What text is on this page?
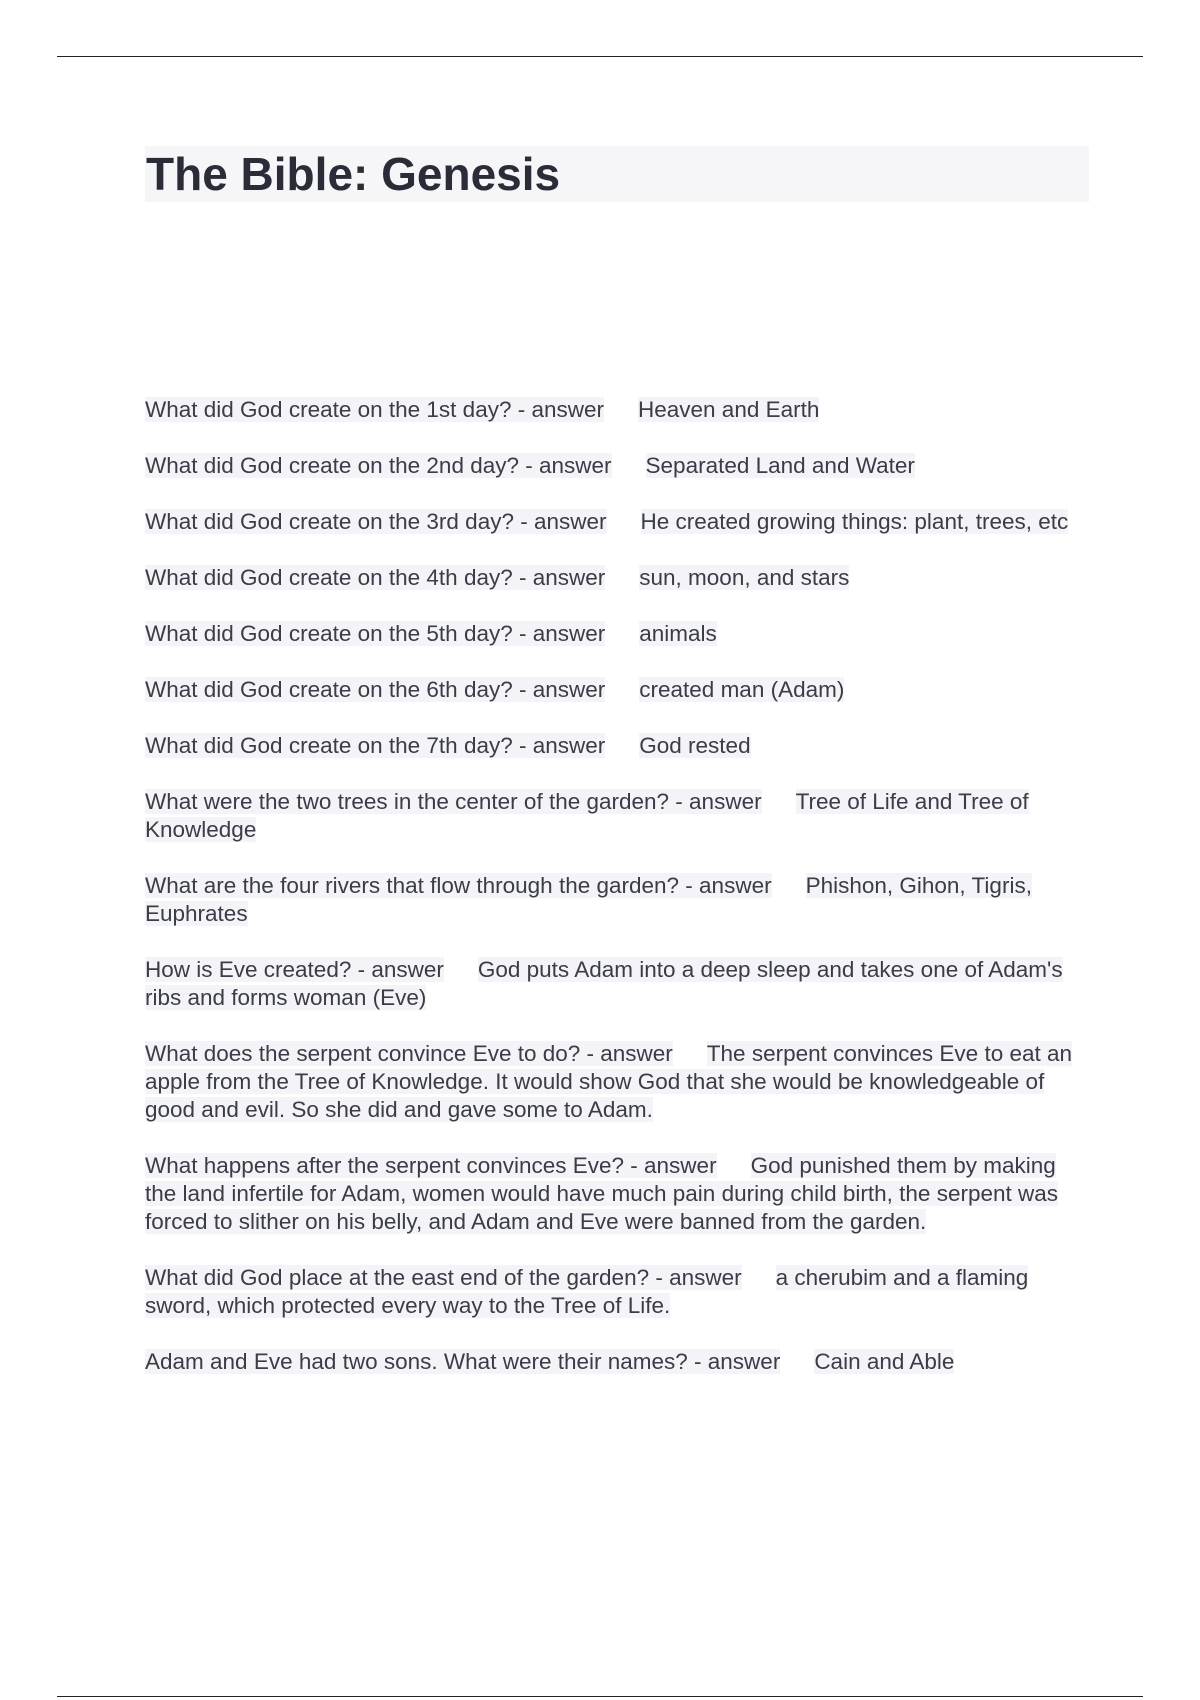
The Bible: Genesis
What did God create on the 1st day? - answer Heaven and Earth
What did God create on the 2nd day? - answer Separated Land and Water
What did God create on the 3rd day? - answer He created growing things: plant, trees, etc
What did God create on the 4th day? - answer sun, moon, and stars
What did God create on the 5th day? - answer animals
What did God create on the 6th day? - answer created man (Adam)
What did God create on the 7th day? - answer God rested
What were the two trees in the center of the garden? - answer Tree of Life and Tree of Knowledge
What are the four rivers that flow through the garden? - answer Phishon, Gihon, Tigris, Euphrates
How is Eve created? - answer God puts Adam into a deep sleep and takes one of Adam's ribs and forms woman (Eve)
What does the serpent convince Eve to do? - answer The serpent convinces Eve to eat an apple from the Tree of Knowledge. It would show God that she would be knowledgeable of good and evil. So she did and gave some to Adam.
What happens after the serpent convinces Eve? - answer God punished them by making the land infertile for Adam, women would have much pain during child birth, the serpent was forced to slither on his belly, and Adam and Eve were banned from the garden.
What did God place at the east end of the garden? - answer a cherubim and a flaming sword, which protected every way to the Tree of Life.
Adam and Eve had two sons. What were their names? - answer Cain and Able
